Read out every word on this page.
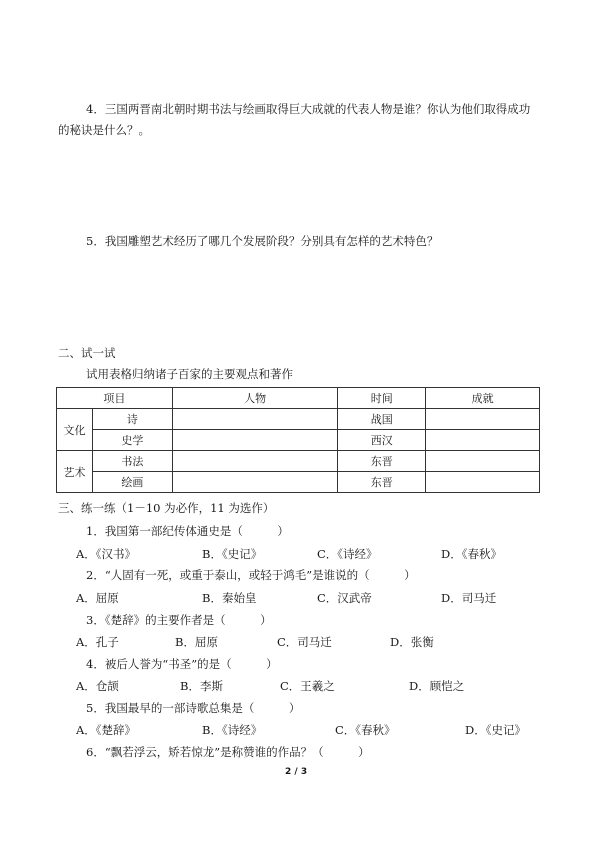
4．三国两晋南北朝时期书法与绘画取得巨大成就的代表人物是谁？你认为他们取得成功
的秘诀是什么？。
5．我国雕塑艺术经历了哪几个发展阶段？分别具有怎样的艺术特色？
二、试一试
试用表格归纳诸子百家的主要观点和著作
项目		人物	时间	成就
文化	诗		战国	
	史学		西汉	
艺术	书法		东晋	
	绘画		东晋	
三、练一练（1－10 为必作，11 为选作）
1．我国第一部纪传体通史是（　　　）
A．《汉书》	B．《史记》	C．《诗经》	D．《春秋》
2．“人固有一死，或重于泰山，或轻于鸿毛”是谁说的（　　　）
A．屈原	B．秦始皇	C．汉武帝	D．司马迁
3．《楚辞》的主要作者是（　　　）
A．孔子	B．屈原	C．司马迁	D．张衡
4．被后人誉为“书圣”的是（　　　）
A．仓颉	B．李斯	C．王羲之	D．顾恺之
5．我国最早的一部诗歌总集是（　　　）
A．《楚辞》	B．《诗经》	C．《春秋》	D．《史记》
6．“飘若浮云，矫若惊龙”是称赞谁的作品？（　　　）
2 / 3
